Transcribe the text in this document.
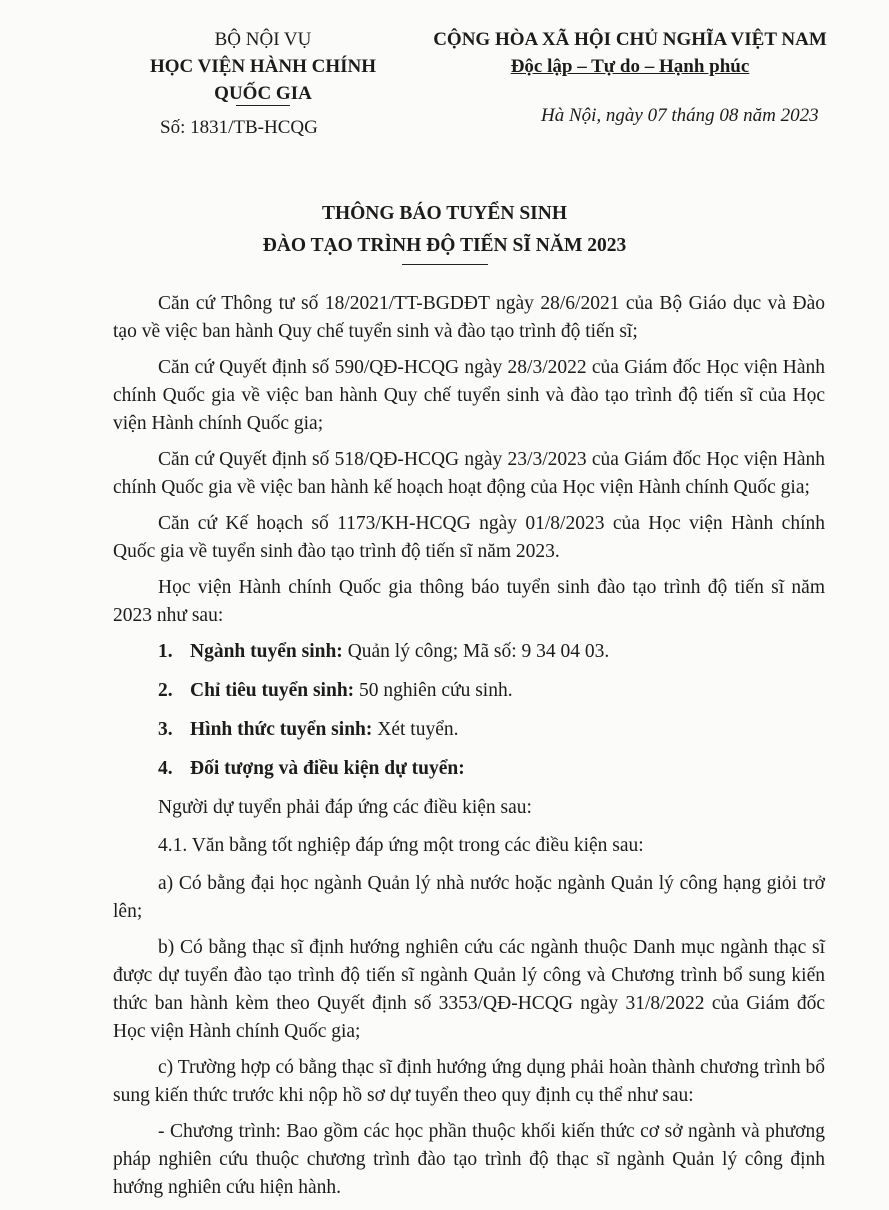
BỘ NỘI VỤ
HỌC VIỆN HÀNH CHÍNH
QUỐC GIA
Số: 1831/TB-HCQG
CỘNG HÒA XÃ HỘI CHỦ NGHĨA VIỆT NAM
Độc lập – Tự do – Hạnh phúc
Hà Nội, ngày 07 tháng 08 năm 2023
THÔNG BÁO TUYỂN SINH
ĐÀO TẠO TRÌNH ĐỘ TIẾN SĨ NĂM 2023

Căn cứ Thông tư số 18/2021/TT-BGDĐT ngày 28/6/2021 của Bộ Giáo dục và Đào tạo về việc ban hành Quy chế tuyển sinh và đào tạo trình độ tiến sĩ;

Căn cứ Quyết định số 590/QĐ-HCQG ngày 28/3/2022 của Giám đốc Học viện Hành chính Quốc gia về việc ban hành Quy chế tuyển sinh và đào tạo trình độ tiến sĩ của Học viện Hành chính Quốc gia;

Căn cứ Quyết định số 518/QĐ-HCQG ngày 23/3/2023 của Giám đốc Học viện Hành chính Quốc gia về việc ban hành kế hoạch hoạt động của Học viện Hành chính Quốc gia;

Căn cứ Kế hoạch số 1173/KH-HCQG ngày 01/8/2023 của Học viện Hành chính Quốc gia về tuyển sinh đào tạo trình độ tiến sĩ năm 2023.

Học viện Hành chính Quốc gia thông báo tuyển sinh đào tạo trình độ tiến sĩ năm 2023 như sau:

1. Ngành tuyển sinh: Quản lý công; Mã số: 9 34 04 03.
2. Chỉ tiêu tuyển sinh: 50 nghiên cứu sinh.
3. Hình thức tuyển sinh: Xét tuyển.
4. Đối tượng và điều kiện dự tuyển:

Người dự tuyển phải đáp ứng các điều kiện sau:

4.1. Văn bằng tốt nghiệp đáp ứng một trong các điều kiện sau:

a) Có bằng đại học ngành Quản lý nhà nước hoặc ngành Quản lý công hạng giỏi trở lên;

b) Có bằng thạc sĩ định hướng nghiên cứu các ngành thuộc Danh mục ngành thạc sĩ được dự tuyển đào tạo trình độ tiến sĩ ngành Quản lý công và Chương trình bổ sung kiến thức ban hành kèm theo Quyết định số 3353/QĐ-HCQG ngày 31/8/2022 của Giám đốc Học viện Hành chính Quốc gia;

c) Trường hợp có bằng thạc sĩ định hướng ứng dụng phải hoàn thành chương trình bổ sung kiến thức trước khi nộp hồ sơ dự tuyển theo quy định cụ thể như sau:

- Chương trình: Bao gồm các học phần thuộc khối kiến thức cơ sở ngành và phương pháp nghiên cứu thuộc chương trình đào tạo trình độ thạc sĩ ngành Quản lý công định hướng nghiên cứu hiện hành.
